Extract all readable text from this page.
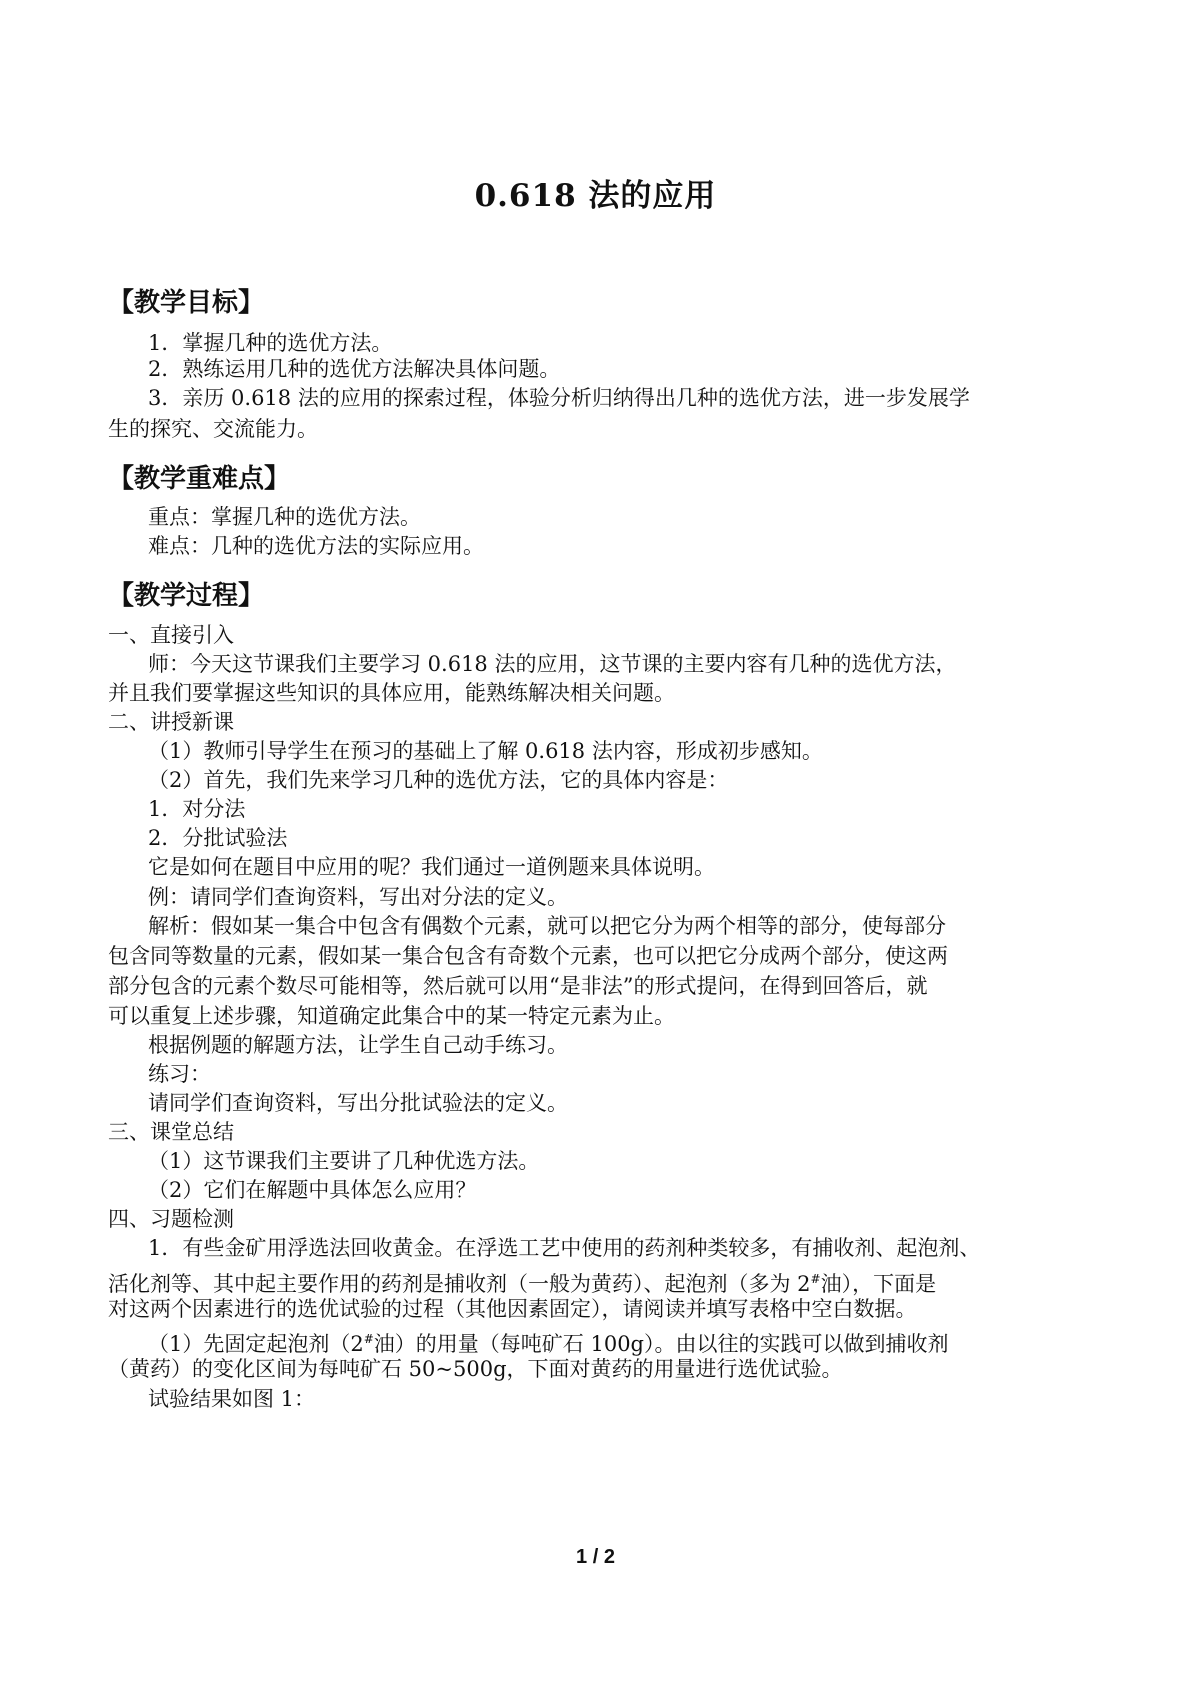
0.618 法的应用
【教学目标】
1．掌握几种的选优方法。
2．熟练运用几种的选优方法解决具体问题。
3．亲历 0.618 法的应用的探索过程，体验分析归纳得出几种的选优方法，进一步发展学
生的探究、交流能力。
【教学重难点】
重点：掌握几种的选优方法。
难点：几种的选优方法的实际应用。
【教学过程】
一、直接引入
师：今天这节课我们主要学习 0.618 法的应用，这节课的主要内容有几种的选优方法，
并且我们要掌握这些知识的具体应用，能熟练解决相关问题。
二、讲授新课
（1）教师引导学生在预习的基础上了解 0.618 法内容，形成初步感知。
（2）首先，我们先来学习几种的选优方法，它的具体内容是：
1．对分法
2．分批试验法
它是如何在题目中应用的呢？我们通过一道例题来具体说明。
例：请同学们查询资料，写出对分法的定义。
解析：假如某一集合中包含有偶数个元素，就可以把它分为两个相等的部分，使每部分
包含同等数量的元素，假如某一集合包含有奇数个元素，也可以把它分成两个部分，使这两
部分包含的元素个数尽可能相等，然后就可以用“是非法”的形式提问，在得到回答后，就
可以重复上述步骤，知道确定此集合中的某一特定元素为止。
根据例题的解题方法，让学生自己动手练习。
练习：
请同学们查询资料，写出分批试验法的定义。
三、课堂总结
（1）这节课我们主要讲了几种优选方法。
（2）它们在解题中具体怎么应用？
四、习题检测
1．有些金矿用浮选法回收黄金。在浮选工艺中使用的药剂种类较多，有捕收剂、起泡剂、
活化剂等、其中起主要作用的药剂是捕收剂（一般为黄药）、起泡剂（多为 2#油），下面是
对这两个因素进行的选优试验的过程（其他因素固定），请阅读并填写表格中空白数据。
（1）先固定起泡剂（2#油）的用量（每吨矿石 100g）。由以往的实践可以做到捕收剂
（黄药）的变化区间为每吨矿石 50~500g，下面对黄药的用量进行选优试验。
试验结果如图 1：
1 / 2
